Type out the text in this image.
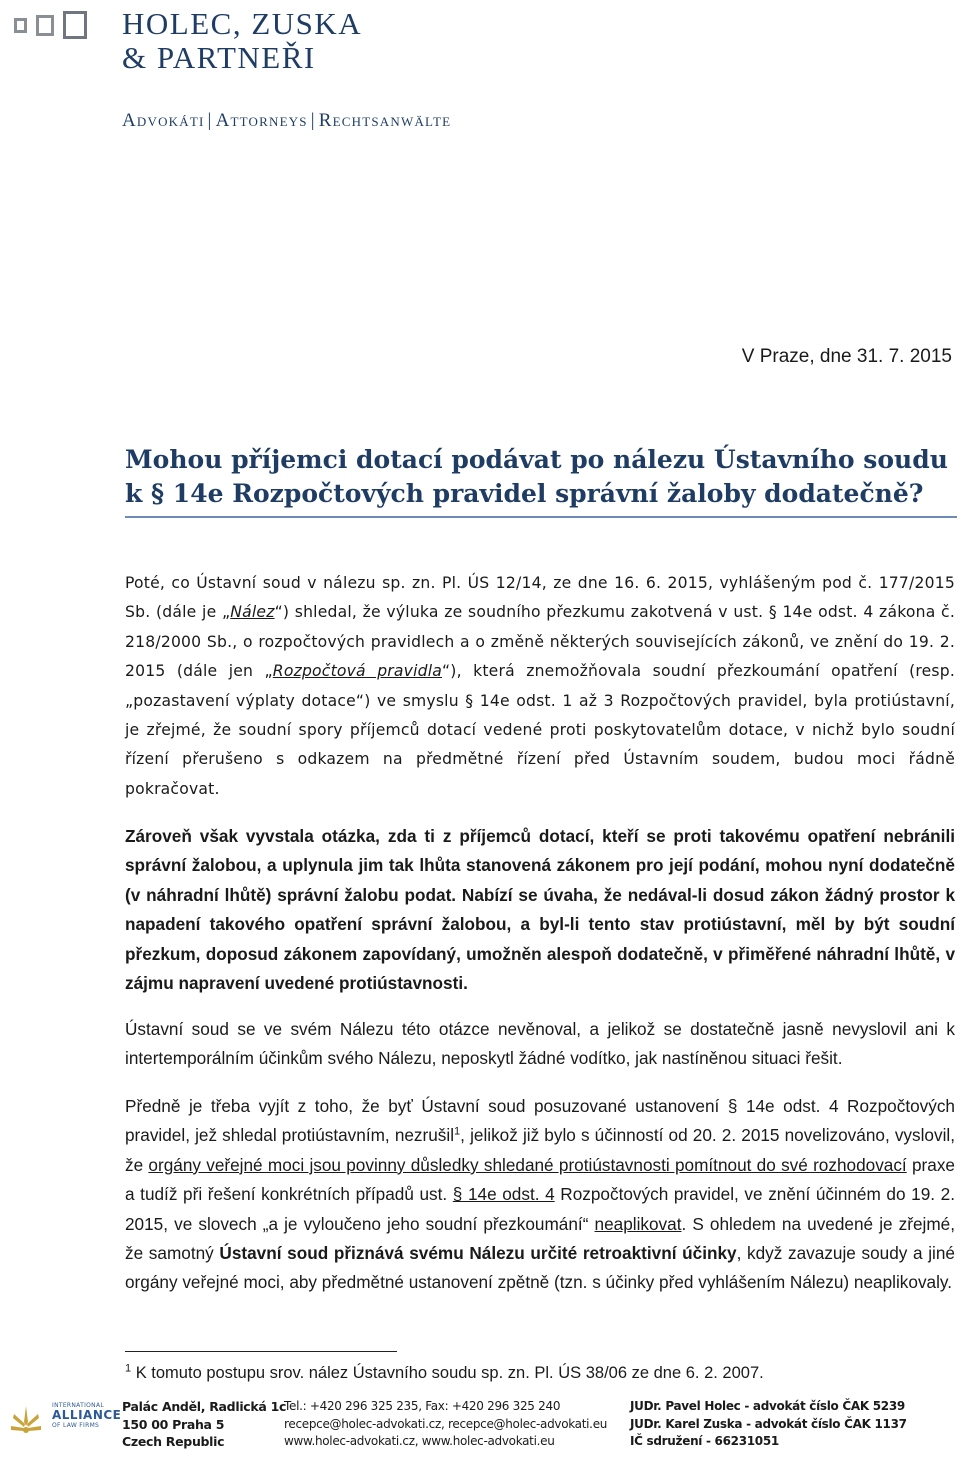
HOLEC, ZUSKA
& PARTNEŘI
Advokáti | Attorneys | Rechtsanwälte
V Praze, dne 31. 7. 2015
Mohou příjemci dotací podávat po nálezu Ústavního soudu
k § 14e Rozpočtových pravidel správní žaloby dodatečně?
Poté, co Ústavní soud v nálezu sp. zn. Pl. ÚS 12/14, ze dne 16. 6. 2015, vyhlášeným pod č. 177/2015 Sb. (dále je „Nález“) shledal, že výluka ze soudního přezkumu zakotvená v ust. § 14e odst. 4 zákona č. 218/2000 Sb., o rozpočtových pravidlech a o změně některých souvisejících zákonů, ve znění do 19. 2. 2015 (dále jen „Rozpočtová pravidla“), která znemožňovala soudní přezkoumání opatření (resp. „pozastavení výplaty dotace“) ve smyslu § 14e odst. 1 až 3 Rozpočtových pravidel, byla protiústavní, je zřejmé, že soudní spory příjemců dotací vedené proti poskytovatelům dotace, v nichž bylo soudní řízení přerušeno s odkazem na předmětné řízení před Ústavním soudem, budou moci řádně pokračovat.
Zároveň však vyvstala otázka, zda ti z příjemců dotací, kteří se proti takovému opatření nebránili správní žalobou, a uplynula jim tak lhůta stanovená zákonem pro její podání, mohou nyní dodatečně (v náhradní lhůtě) správní žalobu podat. Nabízí se úvaha, že nedával-li dosud zákon žádný prostor k napadení takového opatření správní žalobou, a byl-li tento stav protiústavní, měl by být soudní přezkum, doposud zákonem zapovídaný, umožněn alespoň dodatečně, v přiměřené náhradní lhůtě, v zájmu napravení uvedené protiústavnosti.
Ústavní soud se ve svém Nálezu této otázce nevěnoval, a jelikož se dostatečně jasně nevyslovil ani k intertemporálním účinkům svého Nálezu, neposkytl žádné vodítko, jak nastíněnou situaci řešit.
Předně je třeba vyjít z toho, že byť Ústavní soud posuzované ustanovení § 14e odst. 4 Rozpočtových pravidel, jež shledal protiústavním, nezrušil$^1$, jelikož již bylo s účinností od 20. 2. 2015 novelizováno, vyslovil, že orgány veřejné moci jsou povinny důsledky shledané protiústavnosti pomítnout do své rozhodovací praxe a tudíž při řešení konkrétních případů ust. § 14e odst. 4 Rozpočtových pravidel, ve znění účinném do 19. 2. 2015, ve slovech „a je vyloučeno jeho soudní přezkoumání“ neaplikovat. S ohledem na uvedené je zřejmé, že samotný Ústavní soud přiznává svému Nálezu určité retroaktivní účinky, když zavazuje soudy a jiné orgány veřejné moci, aby předmětné ustanovení zpětně (tzn. s účinky před vyhlášením Nálezu) neaplikovaly.
$^1$ K tomuto postupu srov. nález Ústavního soudu sp. zn. Pl. ÚS 38/06 ze dne 6. 2. 2007.
INTERNATIONAL
ALLIANCE
OF LAW FIRMS
Palác Anděl, Radlická 1c
150 00 Praha 5
Czech Republic
Tel.: +420 296 325 235, Fax: +420 296 325 240
recepce@holec-advokati.cz, recepce@holec-advokati.eu
www.holec-advokati.cz, www.holec-advokati.eu
JUDr. Pavel Holec - advokát číslo ČAK 5239
JUDr. Karel Zuska - advokát číslo ČAK 1137
IČ sdružení - 66231051
